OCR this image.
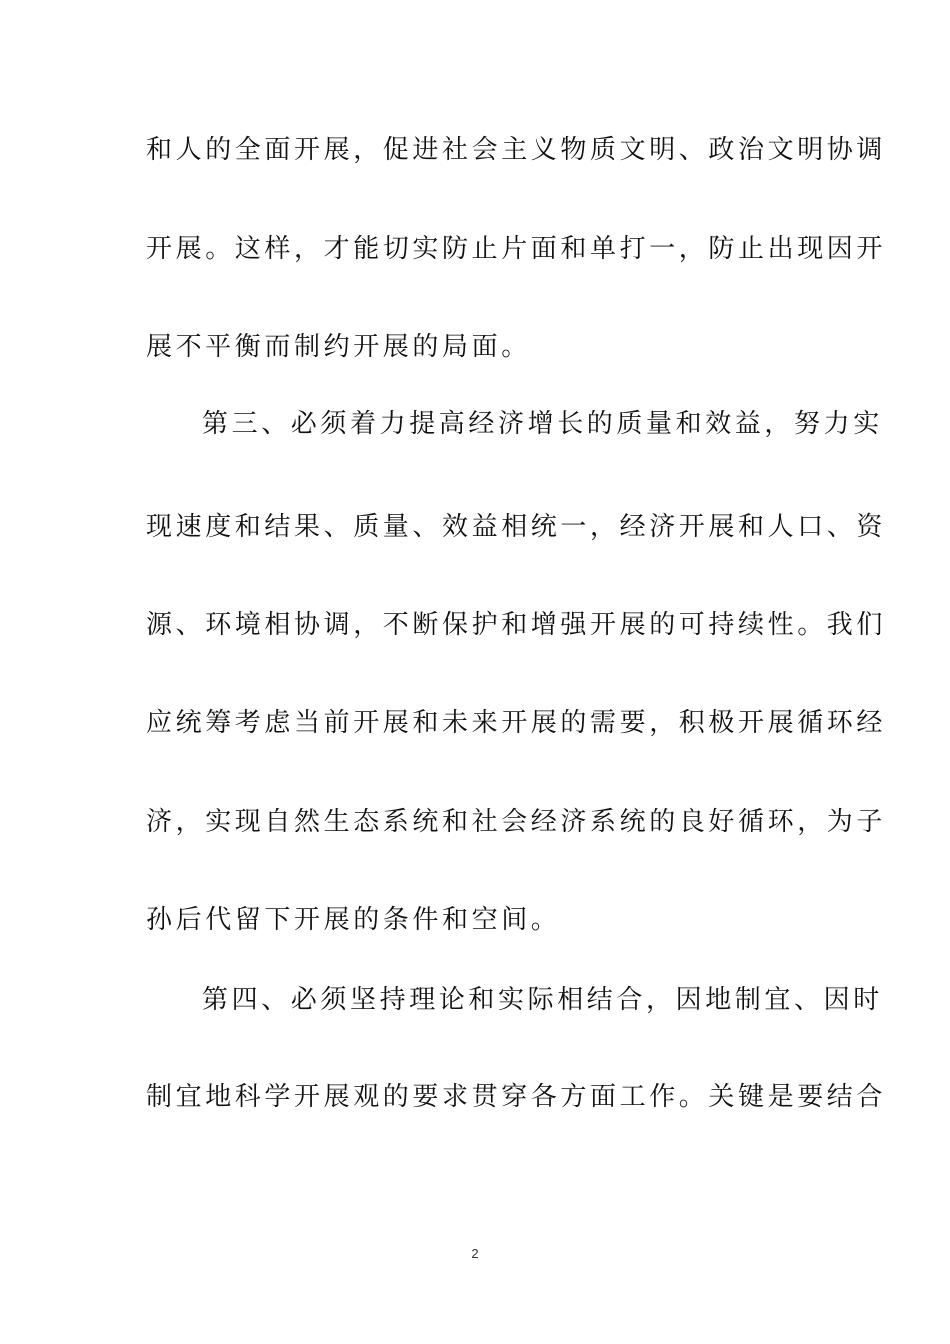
和人的全面开展，促进社会主义物质文明、政治文明协调
开展。这样，才能切实防止片面和单打一，防止出现因开
展不平衡而制约开展的局面。
第三、必须着力提高经济增长的质量和效益，努力实
现速度和结果、质量、效益相统一，经济开展和人口、资
源、环境相协调，不断保护和增强开展的可持续性。我们
应统筹考虑当前开展和未来开展的需要，积极开展循环经
济，实现自然生态系统和社会经济系统的良好循环，为子
孙后代留下开展的条件和空间。
第四、必须坚持理论和实际相结合，因地制宜、因时
制宜地科学开展观的要求贯穿各方面工作。关键是要结合
2
